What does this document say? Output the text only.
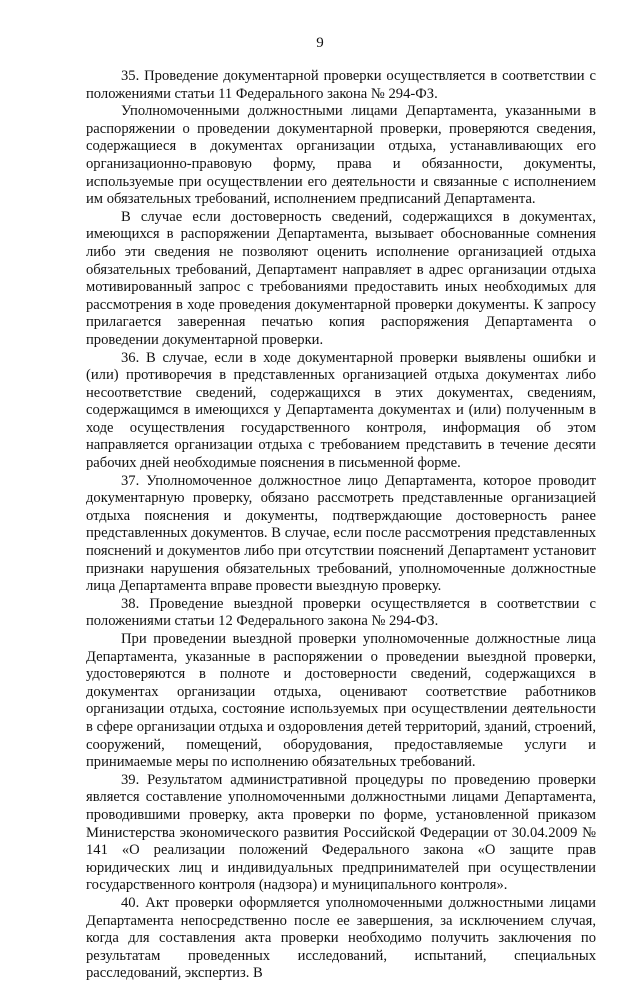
9

35. Проведение документарной проверки осуществляется в соответствии с положениями статьи 11 Федерального закона № 294-ФЗ.

Уполномоченными должностными лицами Департамента, указанными в распоряжении о проведении документарной проверки, проверяются сведения, содержащиеся в документах организации отдыха, устанавливающих его организационно-правовую форму, права и обязанности, документы, используемые при осуществлении его деятельности и связанные с исполнением им обязательных требований, исполнением предписаний Департамента.

В случае если достоверность сведений, содержащихся в документах, имеющихся в распоряжении Департамента, вызывает обоснованные сомнения либо эти сведения не позволяют оценить исполнение организацией отдыха обязательных требований, Департамент направляет в адрес организации отдыха мотивированный запрос с требованиями предоставить иных необходимых для рассмотрения в ходе проведения документарной проверки документы. К запросу прилагается заверенная печатью копия распоряжения Департамента о проведении документарной проверки.

36. В случае, если в ходе документарной проверки выявлены ошибки и (или) противоречия в представленных организацией отдыха документах либо несоответствие сведений, содержащихся в этих документах, сведениям, содержащимся в имеющихся у Департамента документах и (или) полученным в ходе осуществления государственного контроля, информация об этом направляется организации отдыха с требованием представить в течение десяти рабочих дней необходимые пояснения в письменной форме.

37. Уполномоченное должностное лицо Департамента, которое проводит документарную проверку, обязано рассмотреть представленные организацией отдыха пояснения и документы, подтверждающие достоверность ранее представленных документов. В случае, если после рассмотрения представленных пояснений и документов либо при отсутствии пояснений Департамент установит признаки нарушения обязательных требований, уполномоченные должностные лица Департамента вправе провести выездную проверку.

38. Проведение выездной проверки осуществляется в соответствии с положениями статьи 12 Федерального закона № 294-ФЗ.

При проведении выездной проверки уполномоченные должностные лица Департамента, указанные в распоряжении о проведении выездной проверки, удостоверяются в полноте и достоверности сведений, содержащихся в документах организации отдыха, оценивают соответствие работников организации отдыха, состояние используемых при осуществлении деятельности в сфере организации отдыха и оздоровления детей территорий, зданий, строений, сооружений, помещений, оборудования, предоставляемые услуги и принимаемые меры по исполнению обязательных требований.

39. Результатом административной процедуры по проведению проверки является составление уполномоченными должностными лицами Департамента, проводившими проверку, акта проверки по форме, установленной приказом Министерства экономического развития Российской Федерации от 30.04.2009 № 141 «О реализации положений Федерального закона «О защите прав юридических лиц и индивидуальных предпринимателей при осуществлении государственного контроля (надзора) и муниципального контроля».

40. Акт проверки оформляется уполномоченными должностными лицами Департамента непосредственно после ее завершения, за исключением случая, когда для составления акта проверки необходимо получить заключения по результатам проведенных исследований, испытаний, специальных расследований, экспертиз. В
